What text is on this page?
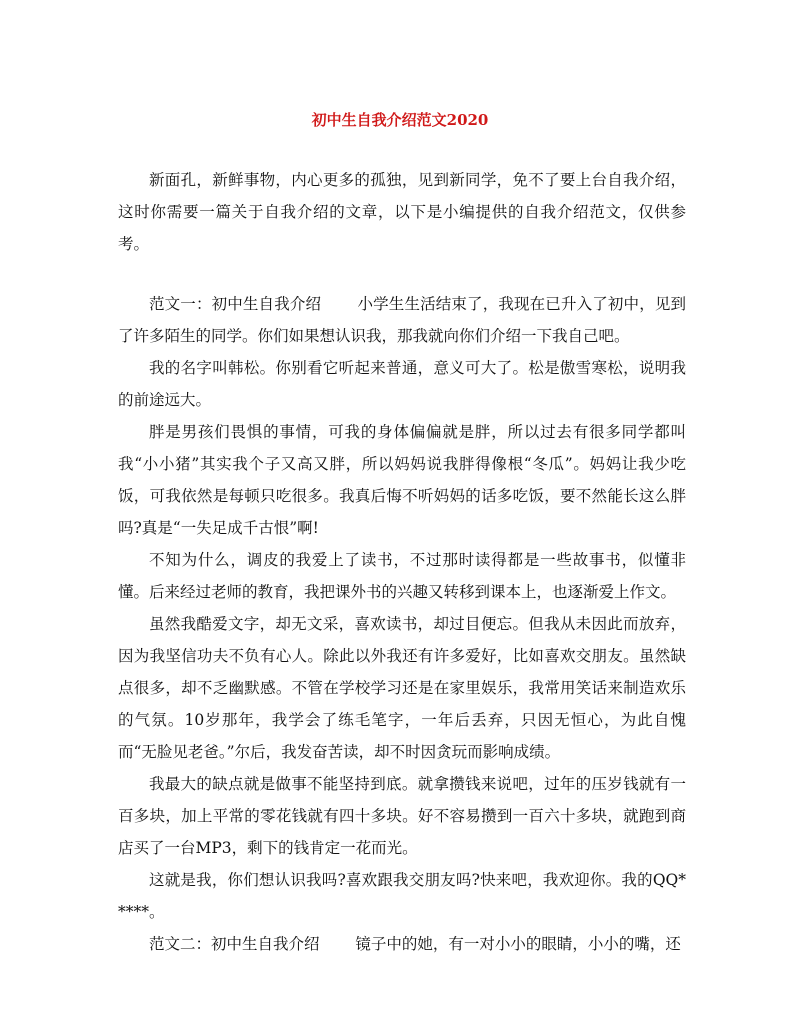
初中生自我介绍范文2020

新面孔，新鲜事物，内心更多的孤独，见到新同学，免不了要上台自我介绍，这时你需要一篇关于自我介绍的文章，以下是小编提供的自我介绍范文，仅供参考。

范文一：初中生自我介绍 　　小学生生活结束了，我现在已升入了初中，见到了许多陌生的同学。你们如果想认识我，那我就向你们介绍一下我自己吧。

我的名字叫韩松。你别看它听起来普通，意义可大了。松是傲雪寒松，说明我的前途远大。

胖是男孩们畏惧的事情，可我的身体偏偏就是胖，所以过去有很多同学都叫我“小小猪”其实我个子又高又胖，所以妈妈说我胖得像根“冬瓜”。妈妈让我少吃饭，可我依然是每顿只吃很多。我真后悔不听妈妈的话多吃饭，要不然能长这么胖吗?真是“一失足成千古恨”啊!

不知为什么，调皮的我爱上了读书，不过那时读得都是一些故事书，似懂非懂。后来经过老师的教育，我把课外书的兴趣又转移到课本上，也逐渐爱上作文。

虽然我酷爱文字，却无文采，喜欢读书，却过目便忘。但我从未因此而放弃，因为我坚信功夫不负有心人。除此以外我还有许多爱好，比如喜欢交朋友。虽然缺点很多，却不乏幽默感。不管在学校学习还是在家里娱乐，我常用笑话来制造欢乐的气氛。10岁那年，我学会了练毛笔字，一年后丢弃，只因无恒心，为此自愧而“无脸见老爸。”尔后，我发奋苦读，却不时因贪玩而影响成绩。

我最大的缺点就是做事不能坚持到底。就拿攒钱来说吧，过年的压岁钱就有一百多块，加上平常的零花钱就有四十多块。好不容易攒到一百六十多块，就跑到商店买了一台MP3，剩下的钱肯定一花而光。

这就是我，你们想认识我吗?喜欢跟我交朋友吗?快来吧，我欢迎你。我的QQ*****。

范文二：初中生自我介绍 　　镜子中的她，有一对小小的眼睛，小小的嘴，还
